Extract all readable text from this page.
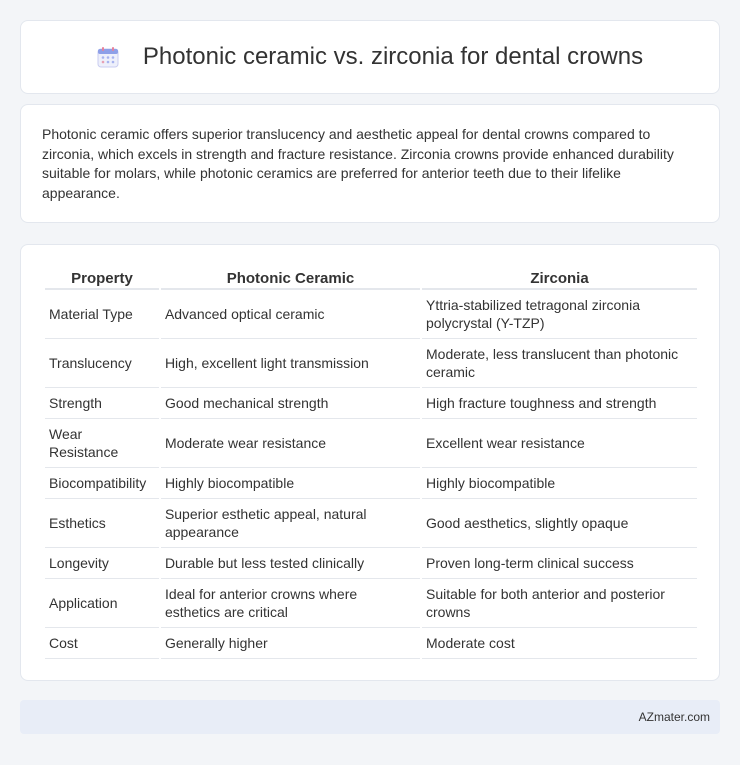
Photonic ceramic vs. zirconia for dental crowns

Photonic ceramic offers superior translucency and aesthetic appeal for dental crowns compared to zirconia, which excels in strength and fracture resistance. Zirconia crowns provide enhanced durability suitable for molars, while photonic ceramics are preferred for anterior teeth due to their lifelike appearance.

Property	Photonic Ceramic	Zirconia
Material Type	Advanced optical ceramic	Yttria-stabilized tetragonal zirconia polycrystal (Y-TZP)
Translucency	High, excellent light transmission	Moderate, less translucent than photonic ceramic
Strength	Good mechanical strength	High fracture toughness and strength
Wear Resistance	Moderate wear resistance	Excellent wear resistance
Biocompatibility	Highly biocompatible	Highly biocompatible
Esthetics	Superior esthetic appeal, natural appearance	Good aesthetics, slightly opaque
Longevity	Durable but less tested clinically	Proven long-term clinical success
Application	Ideal for anterior crowns where esthetics are critical	Suitable for both anterior and posterior crowns
Cost	Generally higher	Moderate cost
AZmater.com
